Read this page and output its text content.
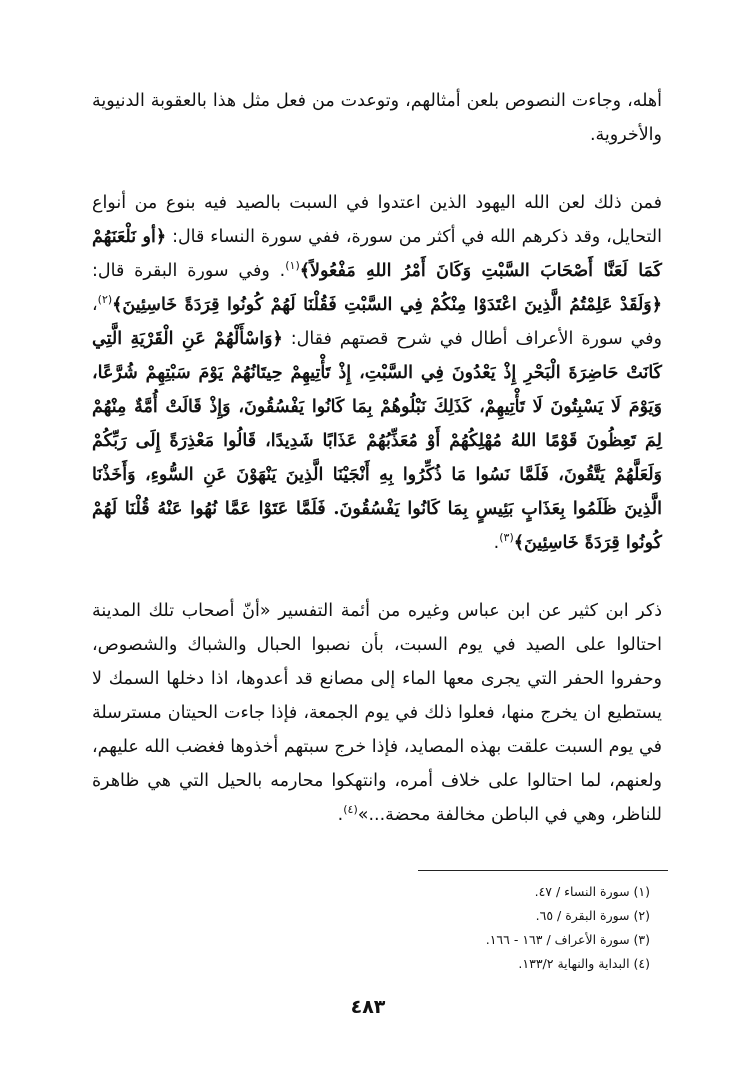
أهله، وجاءت النصوص بلعن أمثالهم، وتوعدت من فعل مثل هذا بالعقوبة الدنيوية والأخروية.

فمن ذلك لعن الله اليهود الذين اعتدوا في السبت بالصيد فيه بنوع من أنواع التحايل، وقد ذكرهم الله في أكثر من سورة، ففي سورة النساء قال: ﴿أو نَلْعَنَهُمْ كَمَا لَعَنَّا أَصْحَابَ السَّبْتِ وَكَانَ أَمْرُ اللهِ مَفْعُولاً﴾$^{(١)}$. وفي سورة البقرة قال: ﴿وَلَقَدْ عَلِمْتُمُ الَّذِينَ اعْتَدَوْا مِنْكُمْ فِي السَّبْتِ فَقُلْنَا لَهُمْ كُونُوا قِرَدَةً خَاسِئِينَ﴾$^{(٢)}$، وفي سورة الأعراف أطال في شرح قصتهم فقال: ﴿وَاسْأَلْهُمْ عَنِ الْقَرْيَةِ الَّتِي كَانَتْ حَاضِرَةَ الْبَحْرِ إِذْ يَعْدُونَ فِي السَّبْتِ، إِذْ تَأْتِيهِمْ حِيتَانُهُمْ يَوْمَ سَبْتِهِمْ شُرَّعًا، وَيَوْمَ لَا يَسْبِتُونَ لَا تَأْتِيهِمْ، كَذَلِكَ نَبْلُوهُمْ بِمَا كَانُوا يَفْسُقُونَ، وَإِذْ قَالَتْ أُمَّةٌ مِنْهُمْ لِمَ تَعِظُونَ قَوْمًا اللهُ مُهْلِكُهُمْ أَوْ مُعَذِّبُهُمْ عَذَابًا شَدِيدًا، قَالُوا مَعْذِرَةً إِلَى رَبِّكُمْ وَلَعَلَّهُمْ يَتَّقُونَ، فَلَمَّا نَسُوا مَا ذُكِّرُوا بِهِ أَنْجَيْنَا الَّذِينَ يَنْهَوْنَ عَنِ السُّوءِ، وَأَخَذْنَا الَّذِينَ ظَلَمُوا بِعَذَابٍ بَئِيسٍ بِمَا كَانُوا يَفْسُقُونَ. فَلَمَّا عَتَوْا عَمَّا نُهُوا عَنْهُ قُلْنَا لَهُمْ كُونُوا قِرَدَةً خَاسِئِينَ﴾$^{(٣)}$.

ذكر ابن كثير عن ابن عباس وغيره من أئمة التفسير «أنّ أصحاب تلك المدينة احتالوا على الصيد في يوم السبت، بأن نصبوا الحبال والشباك والشصوص، وحفروا الحفر التي يجرى معها الماء إلى مصانع قد أعدوها، اذا دخلها السمك لا يستطيع ان يخرج منها، فعلوا ذلك في يوم الجمعة، فإذا جاءت الحيتان مسترسلة في يوم السبت علقت بهذه المصايد، فإذا خرج سبتهم أخذوها فغضب الله عليهم، ولعنهم، لما احتالوا على خلاف أمره، وانتهكوا محارمه بالحيل التي هي ظاهرة للناظر، وهي في الباطن مخالفة محضة...»$^{(٤)}$.

(١) سورة النساء / ٤٧.
(٢) سورة البقرة / ٦٥.
(٣) سورة الأعراف / ١٦٣ - ١٦٦.
(٤) البداية والنهاية ١٣٣/٢.
٤٨٣
